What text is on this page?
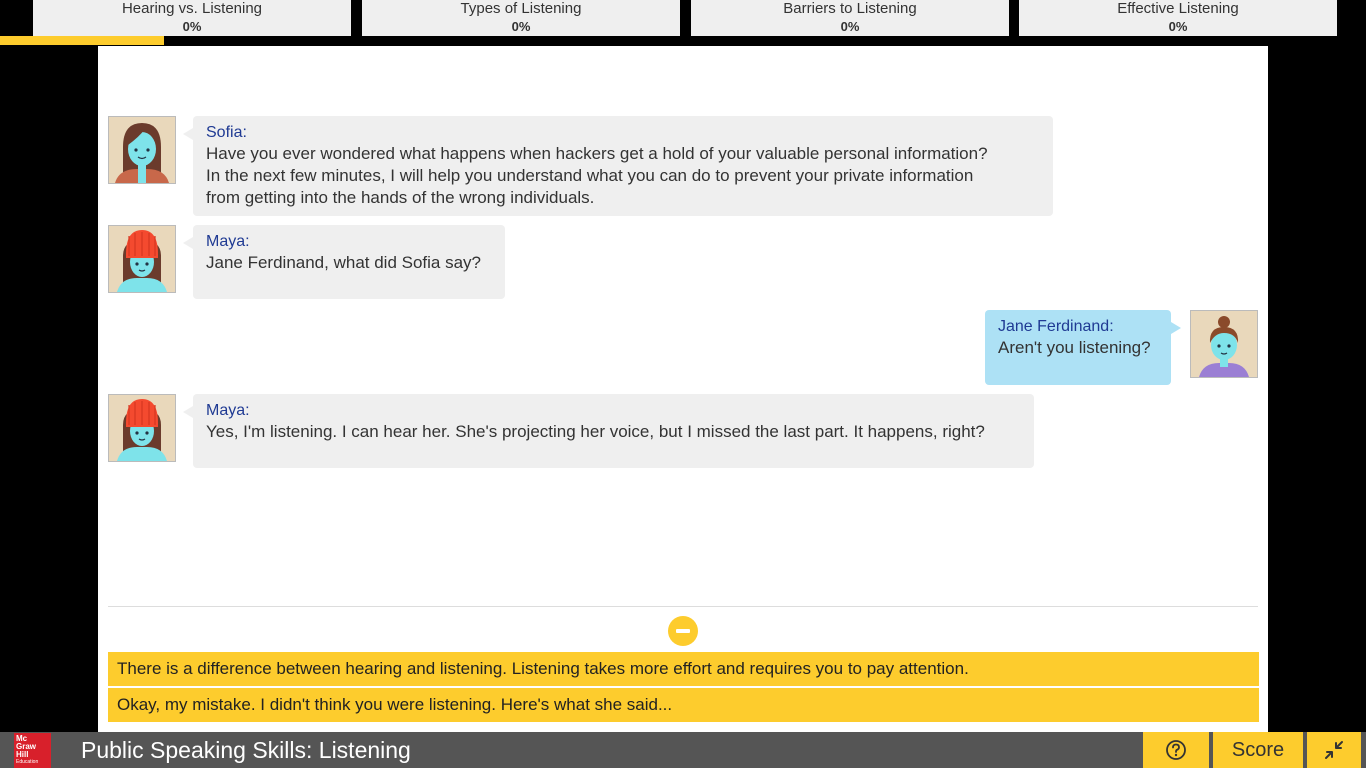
Hearing vs. Listening
0%
Types of Listening
0%
Barriers to Listening
0%
Effective Listening
0%
Sofia:
Have you ever wondered what happens when hackers get a hold of your valuable personal information?
In the next few minutes, I will help you understand what you can do to prevent your private information
from getting into the hands of the wrong individuals.
Maya:
Jane Ferdinand, what did Sofia say?
Jane Ferdinand:
Aren't you listening?
Maya:
Yes, I'm listening. I can hear her. She's projecting her voice, but I missed the last part. It happens, right?
There is a difference between hearing and listening. Listening takes more effort and requires you to pay attention.
Okay, my mistake. I didn't think you were listening. Here's what she said...
Mc
Graw
Hill
Education	Public Speaking Skills: Listening	Score
